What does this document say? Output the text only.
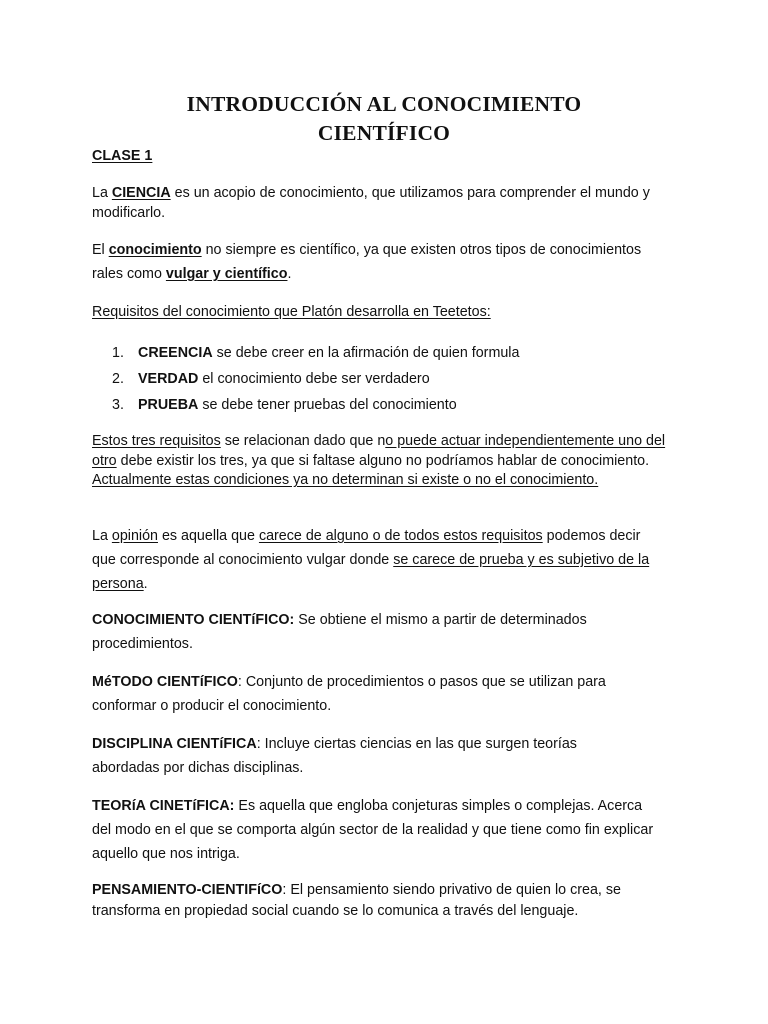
INTRODUCCIÓN AL CONOCIMIENTO
CIENTÍFICO
CLASE 1
La CIENCIA es un acopio de conocimiento, que utilizamos para comprender el mundo y modificarlo.
El conocimiento no siempre es científico, ya que existen otros tipos de conocimientos rales como vulgar y científico.
Requisitos del conocimiento que Platón desarrolla en Teetetos:
1. CREENCIA se debe creer en la afirmación de quien formula
2. VERDAD el conocimiento debe ser verdadero
3. PRUEBA se debe tener pruebas del conocimiento
Estos tres requisitos se relacionan dado que no puede actuar independientemente uno del otro debe existir los tres, ya que si faltase alguno no podríamos hablar de conocimiento. Actualmente estas condiciones ya no determinan si existe o no el conocimiento.
La opinión es aquella que carece de alguno o de todos estos requisitos podemos decir que corresponde al conocimiento vulgar donde se carece de prueba y es subjetivo de la persona.
CONOCIMIENTO CIENTíFICO: Se obtiene el mismo a partir de determinados procedimientos.
MéTODO CIENTíFICO: Conjunto de procedimientos o pasos que se utilizan para conformar o producir el conocimiento.
DISCIPLINA CIENTíFICA: Incluye ciertas ciencias en las que surgen teorías abordadas por dichas disciplinas.
TEORíA CINETíFICA: Es aquella que engloba conjeturas simples o complejas. Acerca del modo en el que se comporta algún sector de la realidad y que tiene como fin explicar aquello que nos intriga.
PENSAMIENTO-CIENTIFíCO: El pensamiento siendo privativo de quien lo crea, se transforma en propiedad social cuando se lo comunica a través del lenguaje.
